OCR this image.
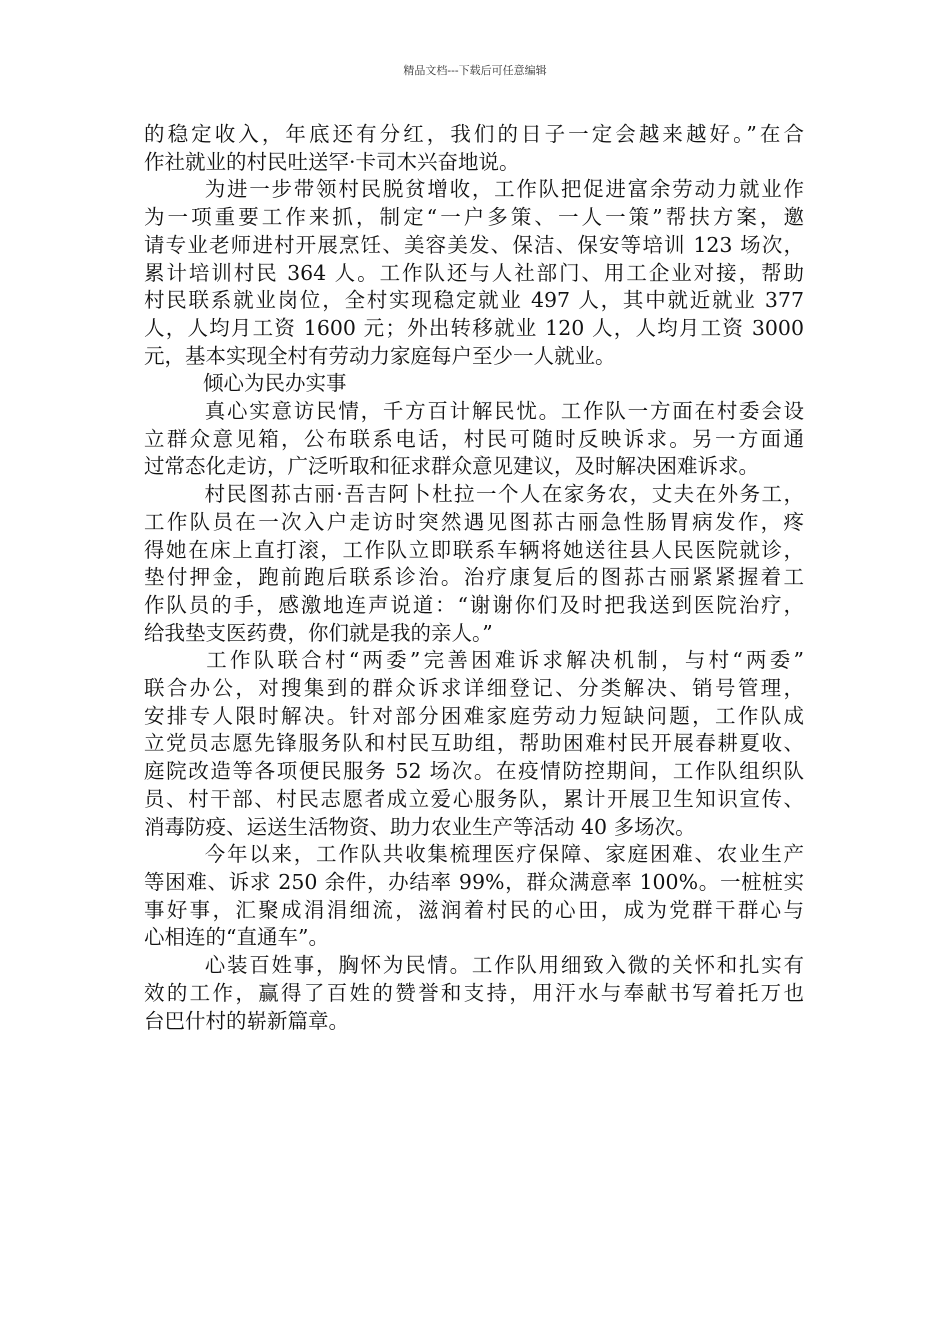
精品文档---下载后可任意编辑

的稳定收入，年底还有分红，我们的日子一定会越来越好。”在合
作社就业的村民吐送罕·卡司木兴奋地说。

为进一步带领村民脱贫增收，工作队把促进富余劳动力就业作
为一项重要工作来抓，制定“一户多策、一人一策”帮扶方案，邀
请专业老师进村开展烹饪、美容美发、保洁、保安等培训 123 场次，
累计培训村民 364 人。工作队还与人社部门、用工企业对接，帮助
村民联系就业岗位，全村实现稳定就业 497 人，其中就近就业 377
人，人均月工资 1600 元；外出转移就业 120 人，人均月工资 3000
元，基本实现全村有劳动力家庭每户至少一人就业。

倾心为民办实事

真心实意访民情，千方百计解民忧。工作队一方面在村委会设
立群众意见箱，公布联系电话，村民可随时反映诉求。另一方面通
过常态化走访，广泛听取和征求群众意见建议，及时解决困难诉求。

村民图荪古丽·吾吉阿卜杜拉一个人在家务农，丈夫在外务工，
工作队员在一次入户走访时突然遇见图荪古丽急性肠胃病发作，疼
得她在床上直打滚，工作队立即联系车辆将她送往县人民医院就诊，
垫付押金，跑前跑后联系诊治。治疗康复后的图荪古丽紧紧握着工
作队员的手，感激地连声说道：“谢谢你们及时把我送到医院治疗，
给我垫支医药费，你们就是我的亲人。”

工作队联合村“两委”完善困难诉求解决机制，与村“两委”
联合办公，对搜集到的群众诉求详细登记、分类解决、销号管理，
安排专人限时解决。针对部分困难家庭劳动力短缺问题，工作队成
立党员志愿先锋服务队和村民互助组，帮助困难村民开展春耕夏收、
庭院改造等各项便民服务 52 场次。在疫情防控期间，工作队组织队
员、村干部、村民志愿者成立爱心服务队，累计开展卫生知识宣传、
消毒防疫、运送生活物资、助力农业生产等活动 40 多场次。

今年以来，工作队共收集梳理医疗保障、家庭困难、农业生产
等困难、诉求 250 余件，办结率 99%，群众满意率 100%。一桩桩实
事好事，汇聚成涓涓细流，滋润着村民的心田，成为党群干群心与
心相连的“直通车”。

心装百姓事，胸怀为民情。工作队用细致入微的关怀和扎实有
效的工作，赢得了百姓的赞誉和支持，用汗水与奉献书写着托万也
台巴什村的崭新篇章。
